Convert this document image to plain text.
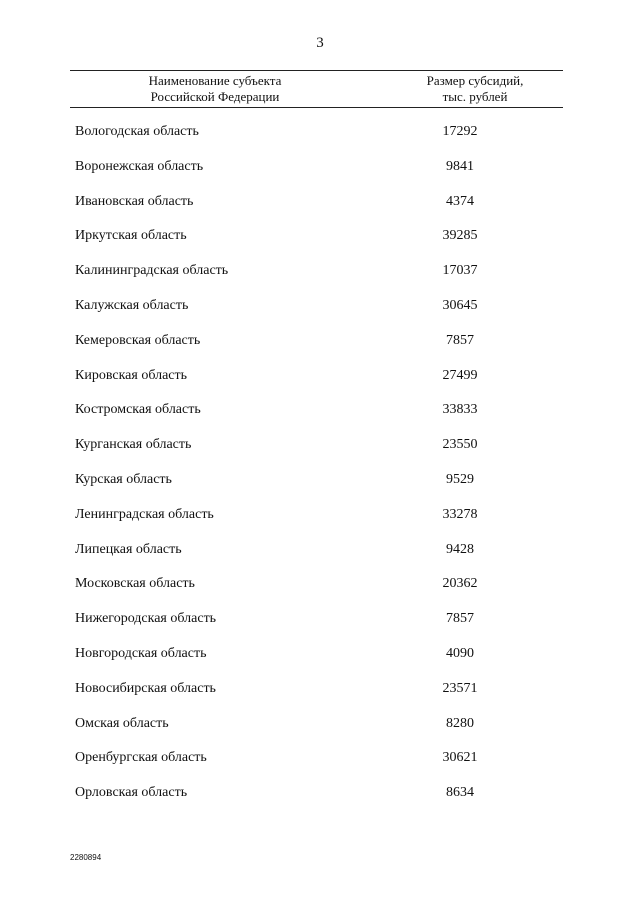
3
Наименование субъекта
Российской Федерации
Размер субсидий,
тыс. рублей
Вологодская область	17292
Воронежская область	9841
Ивановская область	4374
Иркутская область	39285
Калининградская область	17037
Калужская область	30645
Кемеровская область	7857
Кировская область	27499
Костромская область	33833
Курганская область	23550
Курская область	9529
Ленинградская область	33278
Липецкая область	9428
Московская область	20362
Нижегородская область	7857
Новгородская область	4090
Новосибирская область	23571
Омская область	8280
Оренбургская область	30621
Орловская область	8634
2280894
